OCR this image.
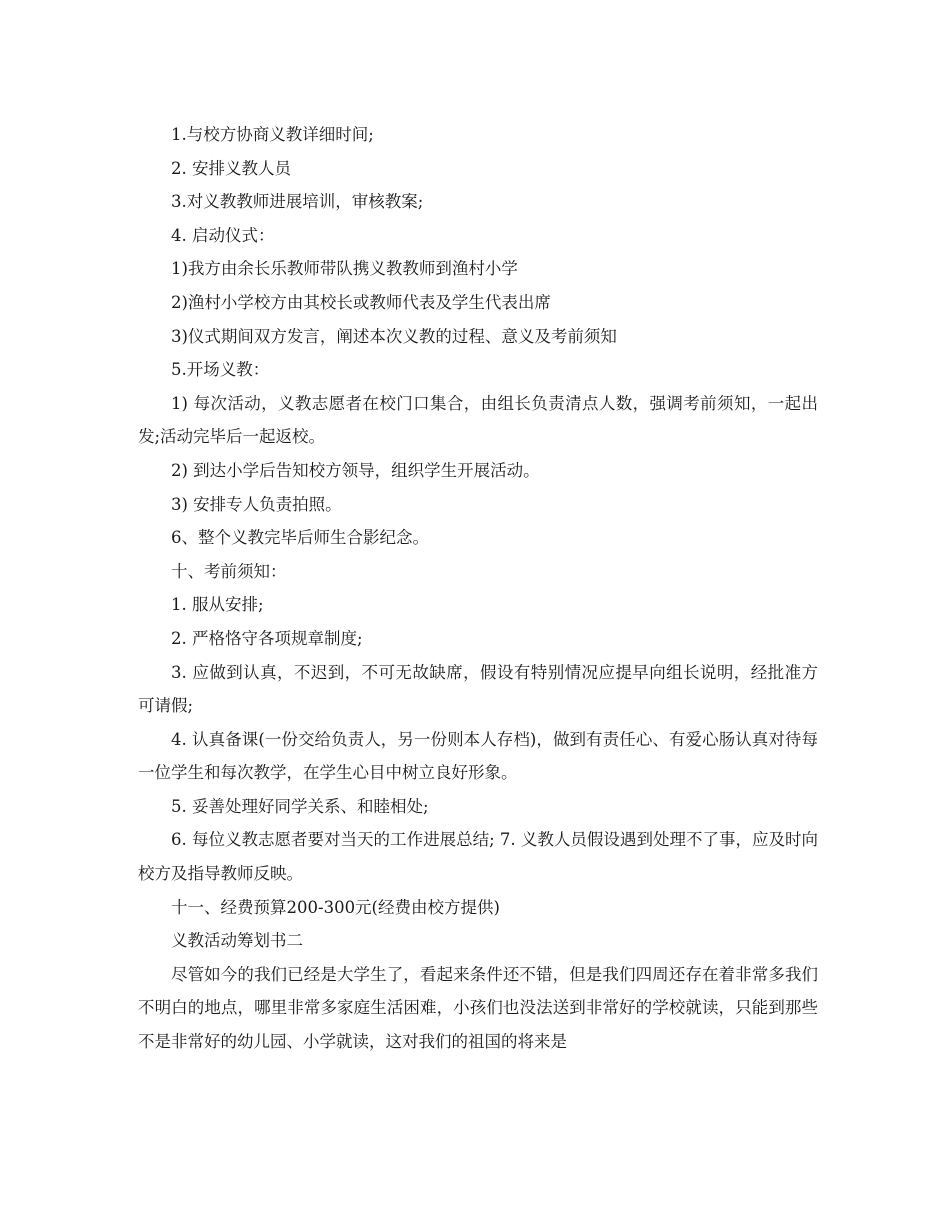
1.与校方协商义教详细时间;

2. 安排义教人员

3.对义教教师进展培训，审核教案;

4. 启动仪式：

1)我方由余长乐教师带队携义教教师到渔村小学

2)渔村小学校方由其校长或教师代表及学生代表出席

3)仪式期间双方发言，阐述本次义教的过程、意义及考前须知

5.开场义教：

1) 每次活动，义教志愿者在校门口集合，由组长负责清点人数，强调考前须知，一起出发;活动完毕后一起返校。

2) 到达小学后告知校方领导，组织学生开展活动。

3) 安排专人负责拍照。

6、整个义教完毕后师生合影纪念。

十、考前须知：

1. 服从安排;

2. 严格恪守各项规章制度;

3. 应做到认真，不迟到，不可无故缺席，假设有特别情况应提早向组长说明，经批准方可请假;

4. 认真备课(一份交给负责人，另一份则本人存档)，做到有责任心、有爱心肠认真对待每一位学生和每次教学，在学生心目中树立良好形象。

5. 妥善处理好同学关系、和睦相处;

6. 每位义教志愿者要对当天的工作进展总结; 7. 义教人员假设遇到处理不了事，应及时向校方及指导教师反映。

十一、经费预算200-300元(经费由校方提供)

义教活动筹划书二

尽管如今的我们已经是大学生了，看起来条件还不错，但是我们四周还存在着非常多我们不明白的地点，哪里非常多家庭生活困难，小孩们也没法送到非常好的学校就读，只能到那些不是非常好的幼儿园、小学就读，这对我们的祖国的将来是
